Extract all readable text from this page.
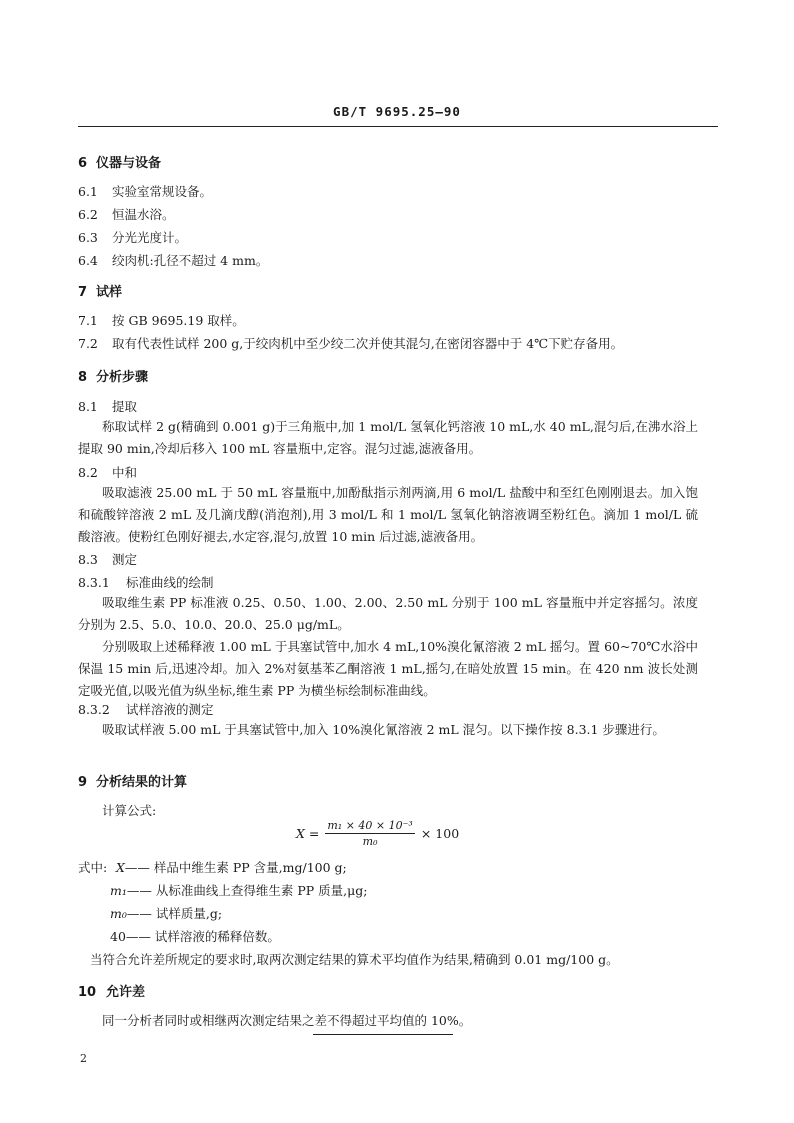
GB/T 9695.25—90
6 仪器与设备
6.1 实验室常规设备。
6.2 恒温水浴。
6.3 分光光度计。
6.4 绞肉机:孔径不超过 4 mm。
7 试样
7.1 按 GB 9695.19 取样。
7.2 取有代表性试样 200 g,于绞肉机中至少绞二次并使其混匀,在密闭容器中于 4℃下贮存备用。
8 分析步骤
8.1 提取
称取试样 2 g(精确到 0.001 g)于三角瓶中,加 1 mol/L 氢氧化钙溶液 10 mL,水 40 mL,混匀后,在沸水浴上提取 90 min,冷却后移入 100 mL 容量瓶中,定容。混匀过滤,滤液备用。
8.2 中和
吸取滤液 25.00 mL 于 50 mL 容量瓶中,加酚酞指示剂两滴,用 6 mol/L 盐酸中和至红色刚刚退去。加入饱和硫酸锌溶液 2 mL 及几滴戊醇(消泡剂),用 3 mol/L 和 1 mol/L 氢氧化钠溶液调至粉红色。滴加 1 mol/L 硫酸溶液。使粉红色刚好褪去,水定容,混匀,放置 10 min 后过滤,滤液备用。
8.3 测定
8.3.1 标准曲线的绘制
吸取维生素 PP 标准液 0.25、0.50、1.00、2.00、2.50 mL 分别于 100 mL 容量瓶中并定容摇匀。浓度分别为 2.5、5.0、10.0、20.0、25.0 μg/mL。
分别吸取上述稀释液 1.00 mL 于具塞试管中,加水 4 mL,10%溴化氰溶液 2 mL 摇匀。置 60~70℃水浴中保温 15 min 后,迅速冷却。加入 2%对氨基苯乙酮溶液 1 mL,摇匀,在暗处放置 15 min。在 420 nm 波长处测定吸光值,以吸光值为纵坐标,维生素 PP 为横坐标绘制标准曲线。
8.3.2 试样溶液的测定
吸取试样液 5.00 mL 于具塞试管中,加入 10%溴化氰溶液 2 mL 混匀。以下操作按 8.3.1 步骤进行。
9 分析结果的计算
计算公式:
$X = \frac{\text{m₁ × 40 × 10⁻³}}{\text{m₀}} \times 100$
式中: X—— 样品中维生素 PP 含量,mg/100 g;
m₁—— 从标准曲线上查得维生素 PP 质量,μg;
m₀—— 试样质量,g;
40—— 试样溶液的稀释倍数。
当符合允许差所规定的要求时,取两次测定结果的算术平均值作为结果,精确到 0.01 mg/100 g。
10 允许差
同一分析者同时或相继两次测定结果之差不得超过平均值的 10%。
2
